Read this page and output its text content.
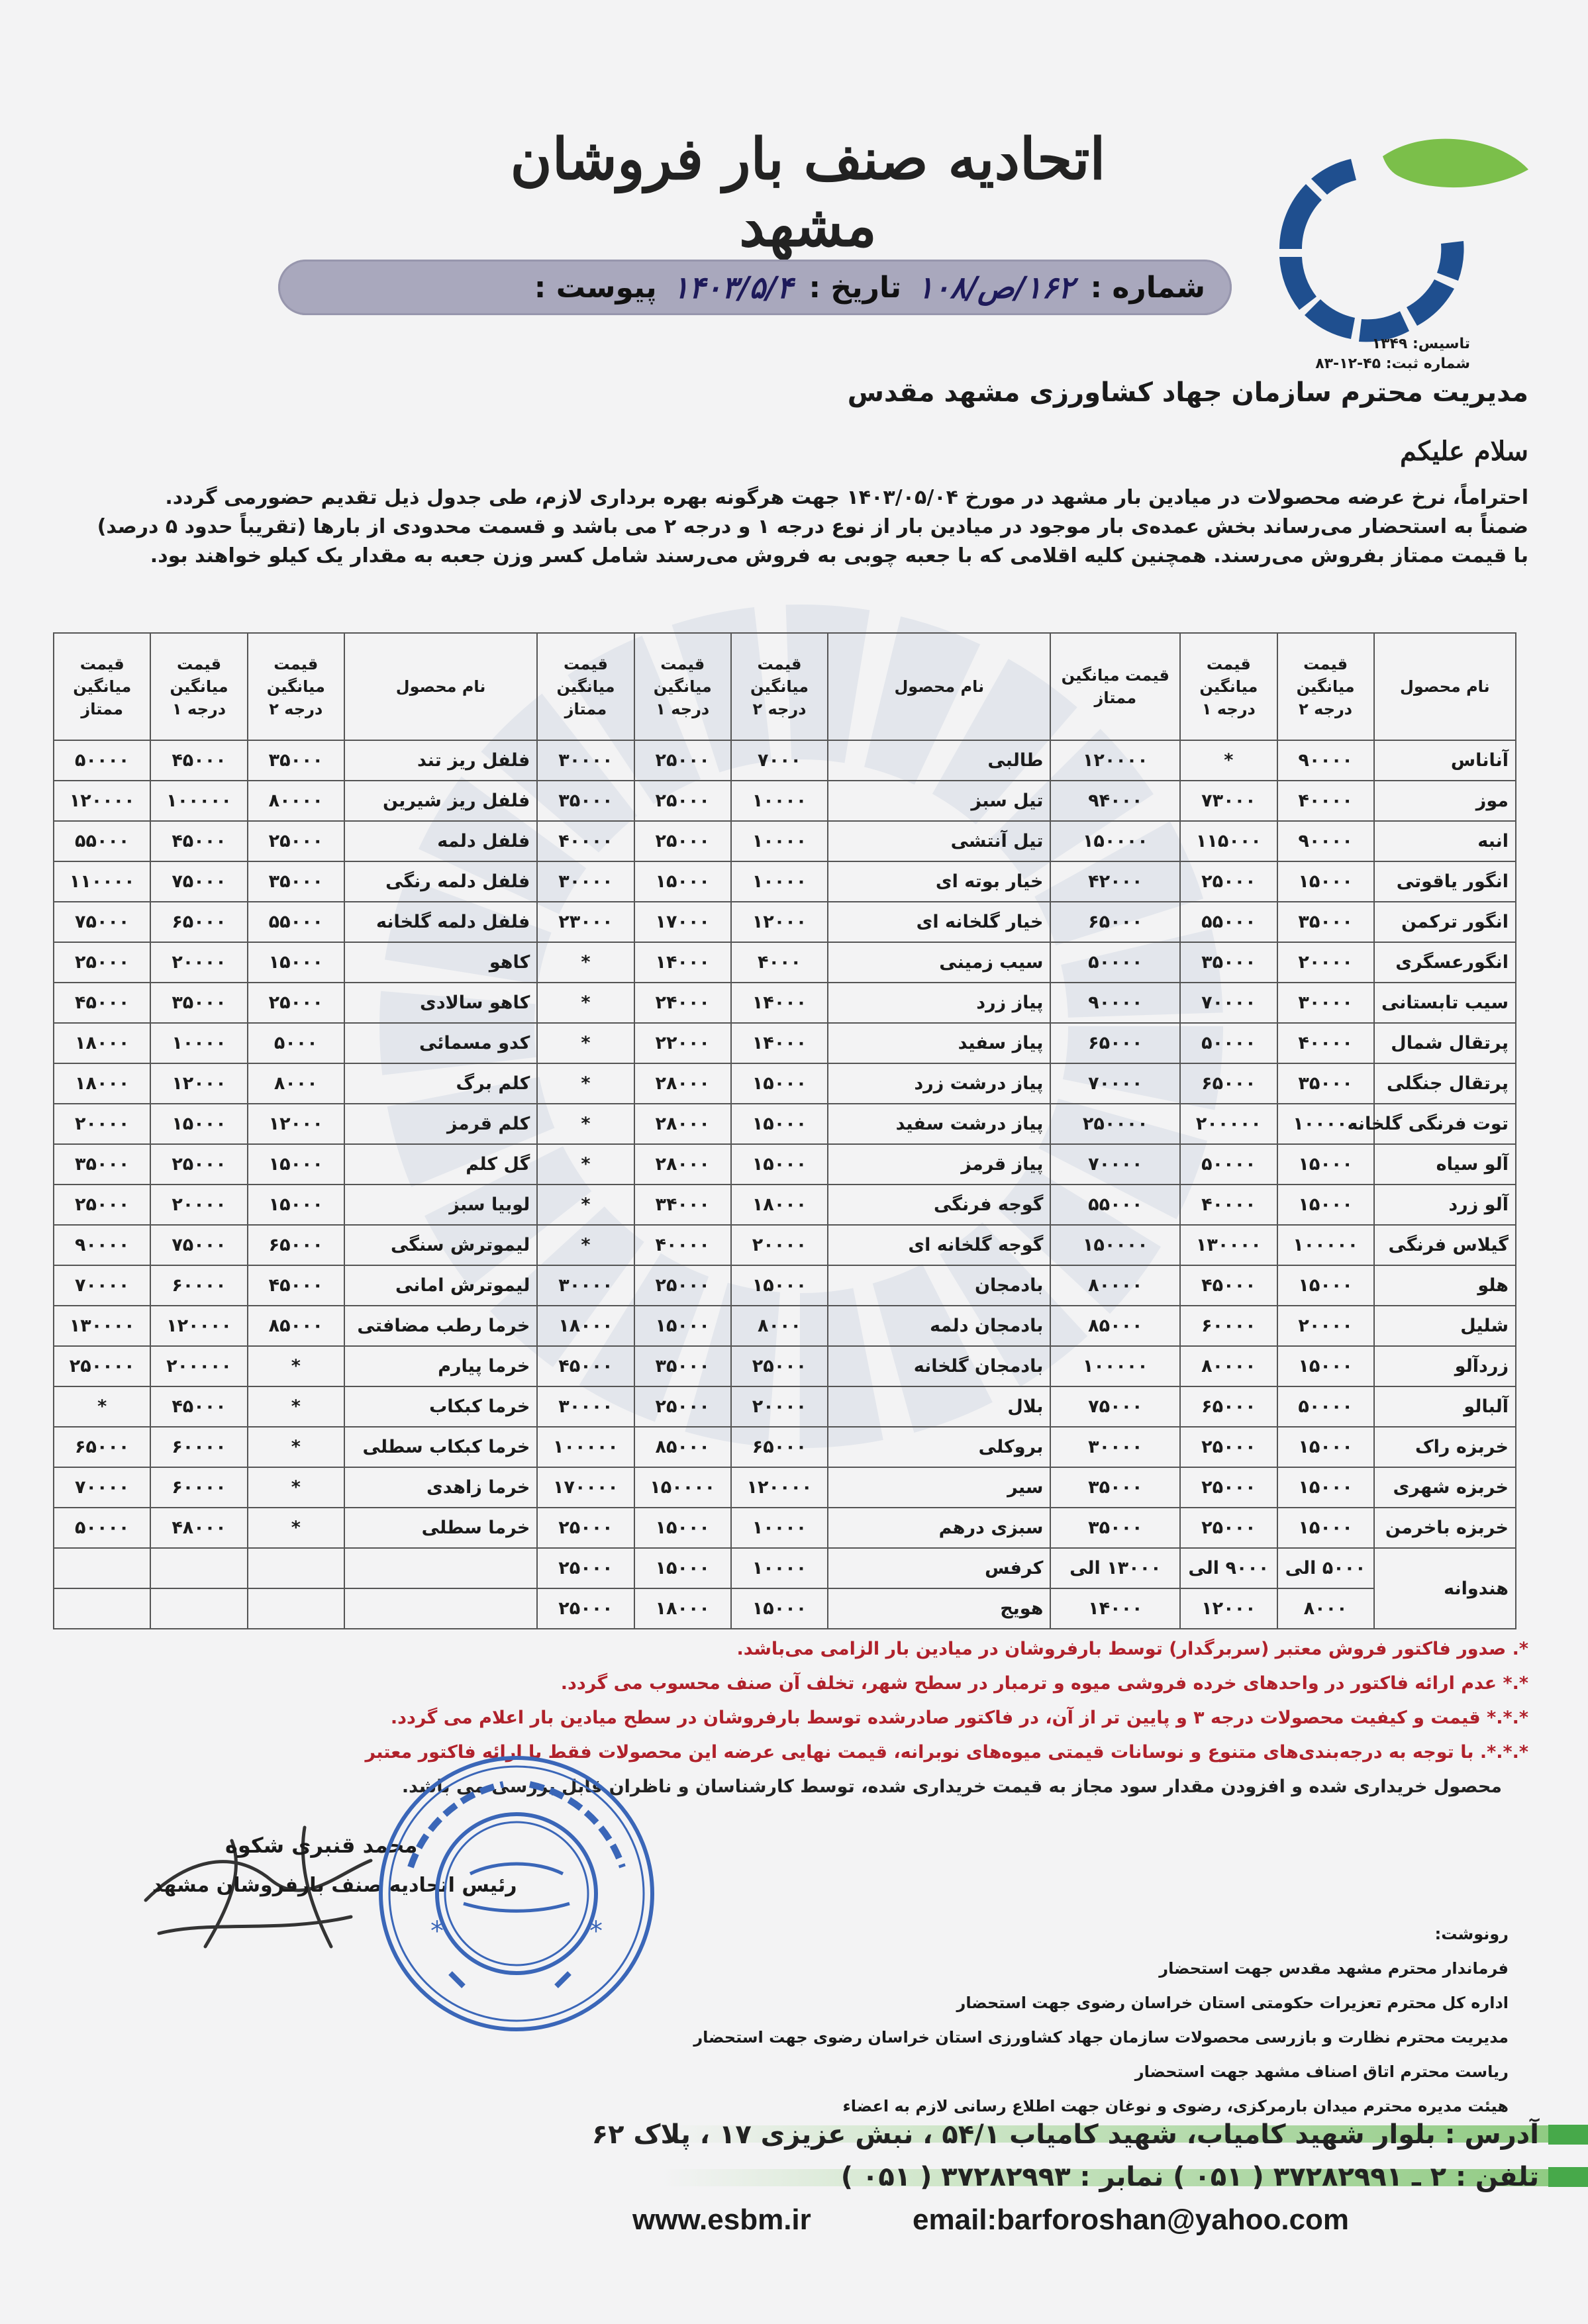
تاسیس: ۱۳۴۹
شماره ثبت: ۴۵-۱۲-۸۳
اتحادیه صنف بار فروشان مشهد
شماره :
۱۶۲/ص/۱۰۸
تاریخ :
۱۴۰۳/۵/۴
پیوست :
مدیریت محترم سازمان جهاد کشاورزی مشهد مقدس
سلام علیکم

احتراماً، نرخ عرضه محصولات در میادین بار مشهد در مورخ ۱۴۰۳/۰۵/۰۴ جهت هرگونه بهره برداری لازم، طی جدول ذیل تقدیم حضورمی گردد.

ضمناً به استحضار می‌رساند بخش عمده‌ی بار موجود در میادین بار از نوع درجه ۱ و درجه ۲ می باشد و قسمت محدودی از بارها (تقریباً حدود ۵ درصد)

با قیمت ممتاز بفروش می‌رسند. همچنین کلیه اقلامی که با جعبه چوبی به فروش می‌رسند شامل کسر وزن جعبه به مقدار یک کیلو خواهند بود.

نام محصول	قیمت میانگین درجه ۲	قیمت میانگین درجه ۱	قیمت میانگین ممتاز	نام محصول	قیمت میانگین درجه ۲	قیمت میانگین درجه ۱	قیمت میانگین ممتاز	نام محصول	قیمت میانگین درجه ۲	قیمت میانگین درجه ۱	قیمت میانگین ممتاز
آناناس	۹۰۰۰۰	*	۱۲۰۰۰۰	طالبی	۷۰۰۰	۲۵۰۰۰	۳۰۰۰۰	فلفل ریز تند	۳۵۰۰۰	۴۵۰۰۰	۵۰۰۰۰
موز	۴۰۰۰۰	۷۳۰۰۰	۹۴۰۰۰	تیل سبز	۱۰۰۰۰	۲۵۰۰۰	۳۵۰۰۰	فلفل ریز شیرین	۸۰۰۰۰	۱۰۰۰۰۰	۱۲۰۰۰۰
انبه	۹۰۰۰۰	۱۱۵۰۰۰	۱۵۰۰۰۰	تیل آنتشی	۱۰۰۰۰	۲۵۰۰۰	۴۰۰۰۰	فلفل دلمه	۲۵۰۰۰	۴۵۰۰۰	۵۵۰۰۰
انگور یاقوتی	۱۵۰۰۰	۲۵۰۰۰	۴۲۰۰۰	خیار بوته ای	۱۰۰۰۰	۱۵۰۰۰	۳۰۰۰۰	فلفل دلمه رنگی	۳۵۰۰۰	۷۵۰۰۰	۱۱۰۰۰۰
انگور ترکمن	۳۵۰۰۰	۵۵۰۰۰	۶۵۰۰۰	خیار گلخانه ای	۱۲۰۰۰	۱۷۰۰۰	۲۳۰۰۰	فلفل دلمه گلخانه	۵۵۰۰۰	۶۵۰۰۰	۷۵۰۰۰
انگورعسگری	۲۰۰۰۰	۳۵۰۰۰	۵۰۰۰۰	سیب زمینی	۴۰۰۰	۱۴۰۰۰	*	کاهو	۱۵۰۰۰	۲۰۰۰۰	۲۵۰۰۰
سیب تابستانی	۳۰۰۰۰	۷۰۰۰۰	۹۰۰۰۰	پیاز زرد	۱۴۰۰۰	۲۴۰۰۰	*	کاهو سالادی	۲۵۰۰۰	۳۵۰۰۰	۴۵۰۰۰
پرتقال شمال	۴۰۰۰۰	۵۰۰۰۰	۶۵۰۰۰	پیاز سفید	۱۴۰۰۰	۲۲۰۰۰	*	کدو مسمائی	۵۰۰۰	۱۰۰۰۰	۱۸۰۰۰
پرتقال جنگلی	۳۵۰۰۰	۶۵۰۰۰	۷۰۰۰۰	پیاز درشت زرد	۱۵۰۰۰	۲۸۰۰۰	*	کلم برگ	۸۰۰۰	۱۲۰۰۰	۱۸۰۰۰
توت فرنگی گلخانه	۱۰۰۰۰۰	۲۰۰۰۰۰	۲۵۰۰۰۰	پیاز درشت سفید	۱۵۰۰۰	۲۸۰۰۰	*	کلم قرمز	۱۲۰۰۰	۱۵۰۰۰	۲۰۰۰۰
آلو سیاه	۱۵۰۰۰	۵۰۰۰۰	۷۰۰۰۰	پیاز قرمز	۱۵۰۰۰	۲۸۰۰۰	*	گل کلم	۱۵۰۰۰	۲۵۰۰۰	۳۵۰۰۰
آلو زرد	۱۵۰۰۰	۴۰۰۰۰	۵۵۰۰۰	گوجه فرنگی	۱۸۰۰۰	۳۴۰۰۰	*	لوبیا سبز	۱۵۰۰۰	۲۰۰۰۰	۲۵۰۰۰
گیلاس فرنگی	۱۰۰۰۰۰	۱۳۰۰۰۰	۱۵۰۰۰۰	گوجه گلخانه ای	۲۰۰۰۰	۴۰۰۰۰	*	لیموترش سنگی	۶۵۰۰۰	۷۵۰۰۰	۹۰۰۰۰
هلو	۱۵۰۰۰	۴۵۰۰۰	۸۰۰۰۰	بادمجان	۱۵۰۰۰	۲۵۰۰۰	۳۰۰۰۰	لیموترش امانی	۴۵۰۰۰	۶۰۰۰۰	۷۰۰۰۰
شلیل	۲۰۰۰۰	۶۰۰۰۰	۸۵۰۰۰	بادمجان دلمه	۸۰۰۰	۱۵۰۰۰	۱۸۰۰۰	خرما رطب مضافتی	۸۵۰۰۰	۱۲۰۰۰۰	۱۳۰۰۰۰
زردآلو	۱۵۰۰۰	۸۰۰۰۰	۱۰۰۰۰۰	بادمجان گلخانه	۲۵۰۰۰	۳۵۰۰۰	۴۵۰۰۰	خرما پیارم	*	۲۰۰۰۰۰	۲۵۰۰۰۰
آلبالو	۵۰۰۰۰	۶۵۰۰۰	۷۵۰۰۰	بلال	۲۰۰۰۰	۲۵۰۰۰	۳۰۰۰۰	خرما کبکاب	*	۴۵۰۰۰	*
خربزه راک	۱۵۰۰۰	۲۵۰۰۰	۳۰۰۰۰	بروکلی	۶۵۰۰۰	۸۵۰۰۰	۱۰۰۰۰۰	خرما کبکاب سطلی	*	۶۰۰۰۰	۶۵۰۰۰
خربزه شهری	۱۵۰۰۰	۲۵۰۰۰	۳۵۰۰۰	سیر	۱۲۰۰۰۰	۱۵۰۰۰۰	۱۷۰۰۰۰	خرما زاهدی	*	۶۰۰۰۰	۷۰۰۰۰
خربزه باخرمن	۱۵۰۰۰	۲۵۰۰۰	۳۵۰۰۰	سبزی درهم	۱۰۰۰۰	۱۵۰۰۰	۲۵۰۰۰	خرما سطلی	*	۴۸۰۰۰	۵۰۰۰۰
هندوانه	۵۰۰۰ الی	۹۰۰۰ الی	۱۳۰۰۰ الی	کرفس	۱۰۰۰۰	۱۵۰۰۰	۲۵۰۰۰				
	۸۰۰۰	۱۲۰۰۰	۱۴۰۰۰	هویج	۱۵۰۰۰	۱۸۰۰۰	۲۵۰۰۰				
*. صدور فاکتور فروش معتبر (سربرگدار) توسط بارفروشان در میادین بار الزامی می‌باشد.
*.* عدم ارائه فاکتور در واحدهای خرده فروشی میوه و ترمبار در سطح شهر، تخلف آن صنف محسوب می گردد.
*.*.* قیمت و کیفیت محصولات درجه ۳ و پایین تر از آن، در فاکتور صادرشده توسط بارفروشان در سطح میادین بار اعلام می گردد.
*.*.*. با توجه به درجه‌بندی‌های متنوع و نوسانات قیمتی میوه‌های نوبرانه، قیمت نهایی عرضه این محصولات فقط با ارائه فاکتور معتبر
محصول خریداری شده و افزودن مقدار سود مجاز به قیمت خریداری شده، توسط کارشناسان و ناظران قابل بررسی می باشد.
محمد قنبری شکوه
رئیس اتحادیه صنف بارفروشان مشهد
*	*	رونوشت:
فرماندار محترم مشهد مقدس جهت استحضار
اداره کل محترم تعزیرات حکومتی استان خراسان رضوی جهت استحضار
مدیریت محترم نظارت و بازرسی محصولات سازمان جهاد کشاورزی استان خراسان رضوی جهت استحضار
ریاست محترم اتاق اصناف مشهد جهت استحضار
هیئت مدیره محترم میدان بارمرکزی، رضوی و نوغان جهت اطلاع رسانی لازم به اعضاء
آدرس : بلوار شهید کامیاب، شهید کامیاب ۵۴/۱ ، نبش عزیزی ۱۷ ، پلاک ۶۲
تلفن : ۲ ـ ۳۷۲۸۲۹۹۱ ( ۰۵۱ ) نمابر : ۳۷۲۸۲۹۹۳ ( ۰۵۱ )
www.esbm.ir	email:barforoshan@yahoo.com
